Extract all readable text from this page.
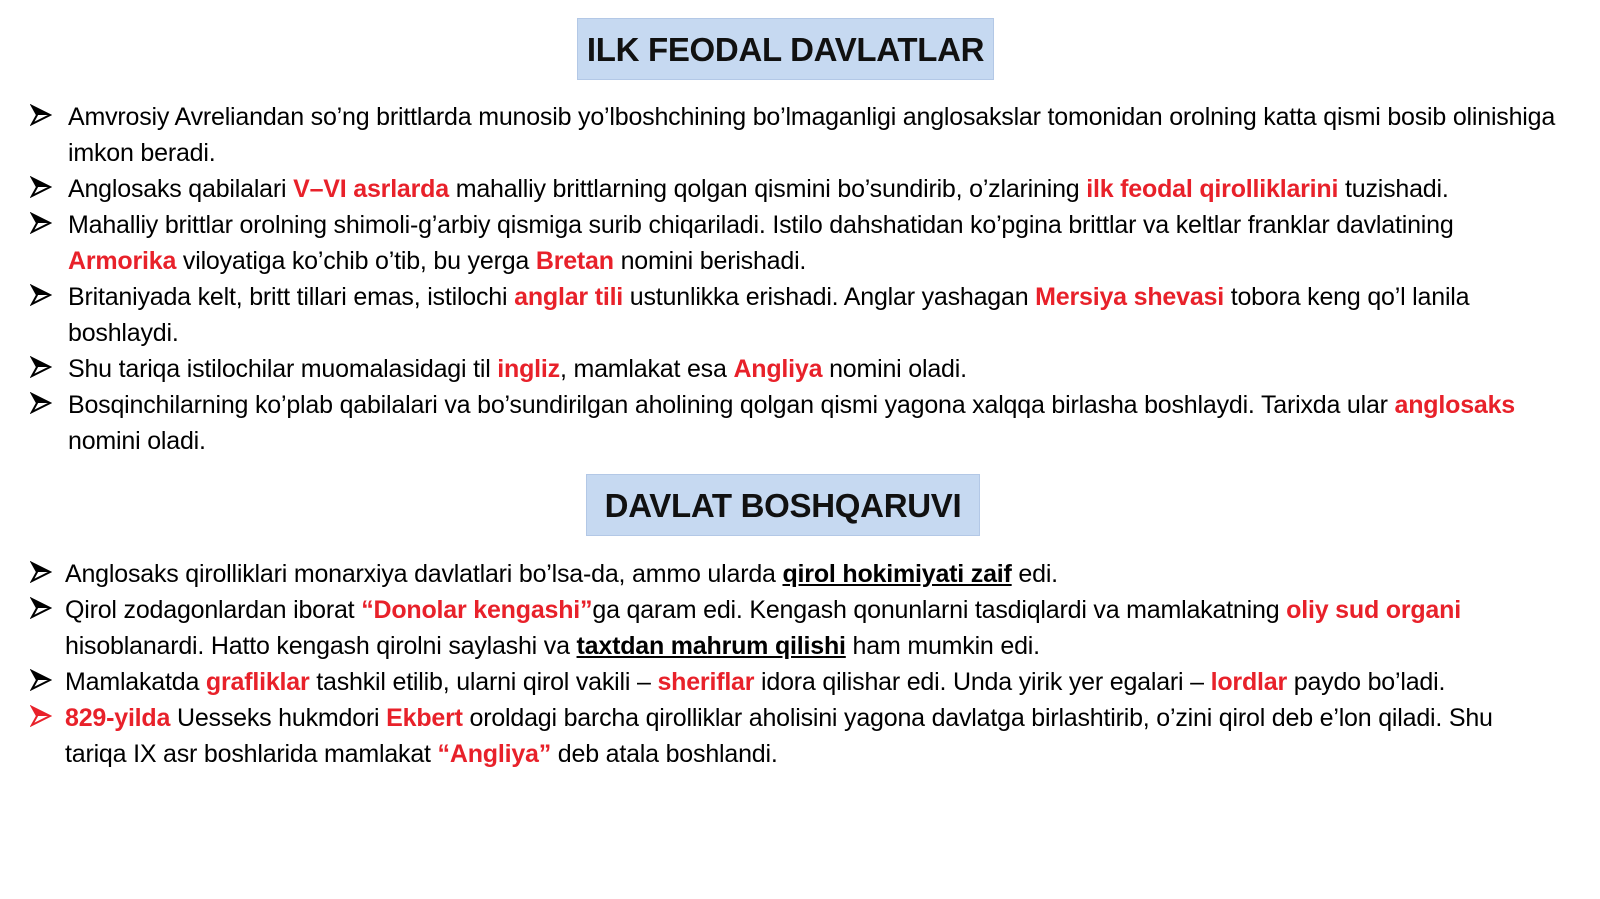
ILK FEODAL DAVLATLAR
Amvrosiy Avreliandan so’ng brittlarda munosib yo’lboshchining bo’lmaganligi anglosakslar tomonidan orolning katta qismi bosib olinishiga imkon beradi.
Anglosaks qabilalari V–VI asrlarda mahalliy brittlarning qolgan qismini bo’sundirib, o’zlarining ilk feodal qirolliklarini tuzishadi.
Mahalliy brittlar orolning shimoli-g’arbiy qismiga surib chiqariladi. Istilo dahshatidan ko’pgina brittlar va keltlar franklar davlatining Armorika viloyatiga ko’chib o’tib, bu yerga Bretan nomini berishadi.
Britaniyada kelt, britt tillari emas, istilochi anglar tili ustunlikka erishadi. Anglar yashagan Mersiya shevasi tobora keng qo’l lanila boshlaydi.
Shu tariqa istilochilar muomalasidagi til ingliz, mamlakat esa Angliya nomini oladi.
Bosqinchilarning ko’plab qabilalari va bo’sundirilgan aholining qolgan qismi yagona xalqqa birlasha boshlaydi. Tarixda ular anglosaks nomini oladi.
DAVLAT BOSHQARUVI
Anglosaks qirolliklari monarxiya davlatlari bo’lsa-da, ammo ularda qirol hokimiyati zaif edi.
Qirol zodagonlardan iborat “Donolar kengashi”ga qaram edi. Kengash qonunlarni tasdiqlardi va mamlakatning oliy sud organi hisoblanardi. Hatto kengash qirolni saylashi va taxtdan mahrum qilishi ham mumkin edi.
Mamlakatda grafliklar tashkil etilib, ularni qirol vakili – sheriflar idora qilishar edi. Unda yirik yer egalari – lordlar paydo bo’ladi.
829-yilda Uesseks hukmdori Ekbert oroldagi barcha qirolliklar aholisini yagona davlatga birlashtirib, o’zini qirol deb e’lon qiladi. Shu tariqa IX asr boshlarida mamlakat “Angliya” deb atala boshlandi.
